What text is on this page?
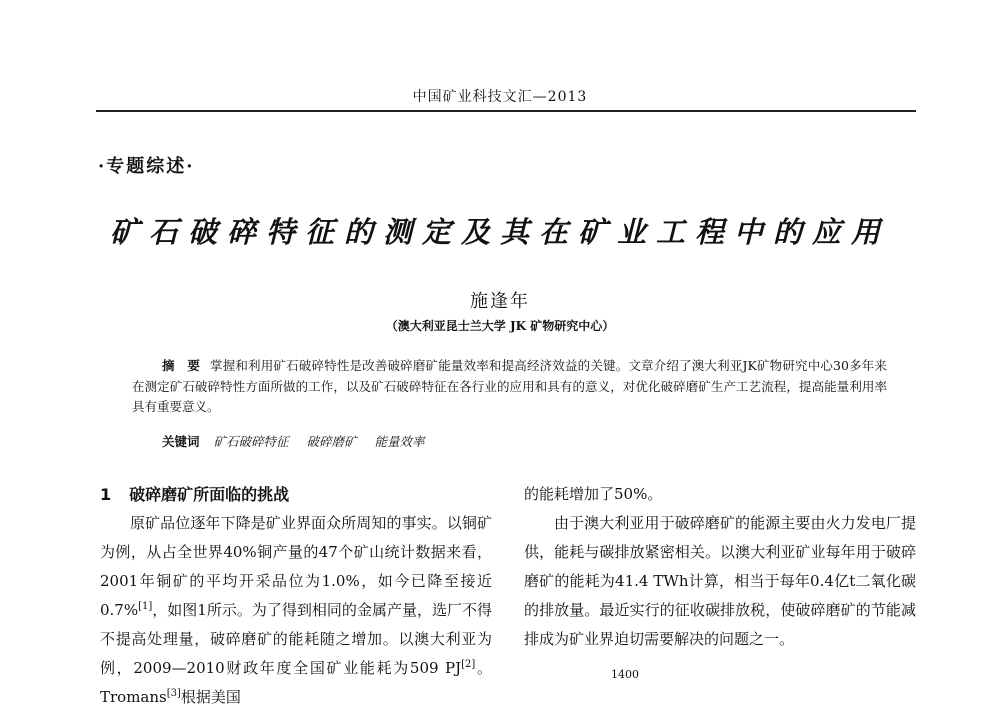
中国矿业科技文汇—2013
·专题综述·
矿石破碎特征的测定及其在矿业工程中的应用
施逢年
（澳大利亚昆士兰大学 JK 矿物研究中心）
摘　要 掌握和利用矿石破碎特性是改善破碎磨矿能量效率和提高经济效益的关键。文章介绍了澳大利亚JK矿物研究中心30多年来在测定矿石破碎特性方面所做的工作，以及矿石破碎特征在各行业的应用和具有的意义，对优化破碎磨矿生产工艺流程，提高能量利用率具有重要意义。
关键词 矿石破碎特征 破碎磨矿 能量效率
1 破碎磨矿所面临的挑战

原矿品位逐年下降是矿业界面众所周知的事实。以铜矿为例，从占全世界40%铜产量的47个矿山统计数据来看，2001年铜矿的平均开采品位为1.0%，如今已降至接近0.7%[1]，如图1所示。为了得到相同的金属产量，选厂不得不提高处理量，破碎磨矿的能耗随之增加。以澳大利亚为例，2009—2010财政年度全国矿业能耗为509 PJ[2]。Tromans[3]根据美国

的能耗增加了50%。

由于澳大利亚用于破碎磨矿的能源主要由火力发电厂提供，能耗与碳排放紧密相关。以澳大利亚矿业每年用于破碎磨矿的能耗为41.4 TWh计算，相当于每年0.4亿t二氧化碳的排放量。最近实行的征收碳排放税，使破碎磨矿的节能减排成为矿业界迫切需要解决的问题之一。

1400
